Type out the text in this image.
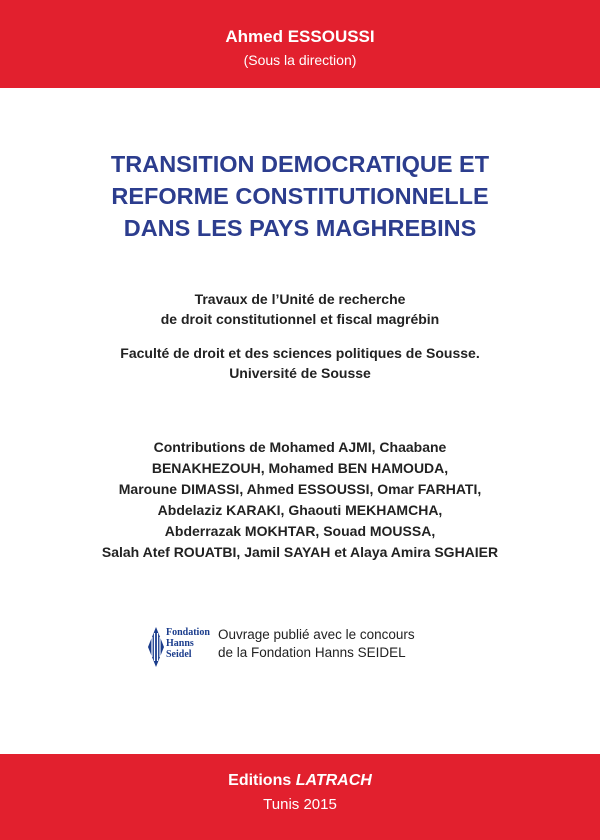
Ahmed ESSOUSSI
(Sous la direction)
TRANSITION DEMOCRATIQUE ET
REFORME CONSTITUTIONNELLE
DANS LES PAYS MAGHREBINS
Travaux de l’Unité de recherche
de droit constitutionnel et fiscal magrébin
Faculté de droit et des sciences politiques de Sousse.
Université de Sousse
Contributions de Mohamed AJMI, Chaabane
BENAKHEZOUH, Mohamed BEN HAMOUDA,
Maroune DIMASSI, Ahmed ESSOUSSI, Omar FARHATI,
Abdelaziz KARAKI, Ghaouti MEKHAMCHA,
Abderrazak MOKHTAR, Souad MOUSSA,
Salah Atef ROUATBI, Jamil SAYAH et Alaya Amira SGHAIER
Fondation
Hanns
Seidel
Ouvrage publié avec le concours
de la Fondation Hanns SEIDEL
Editions LATRACH
Tunis 2015
